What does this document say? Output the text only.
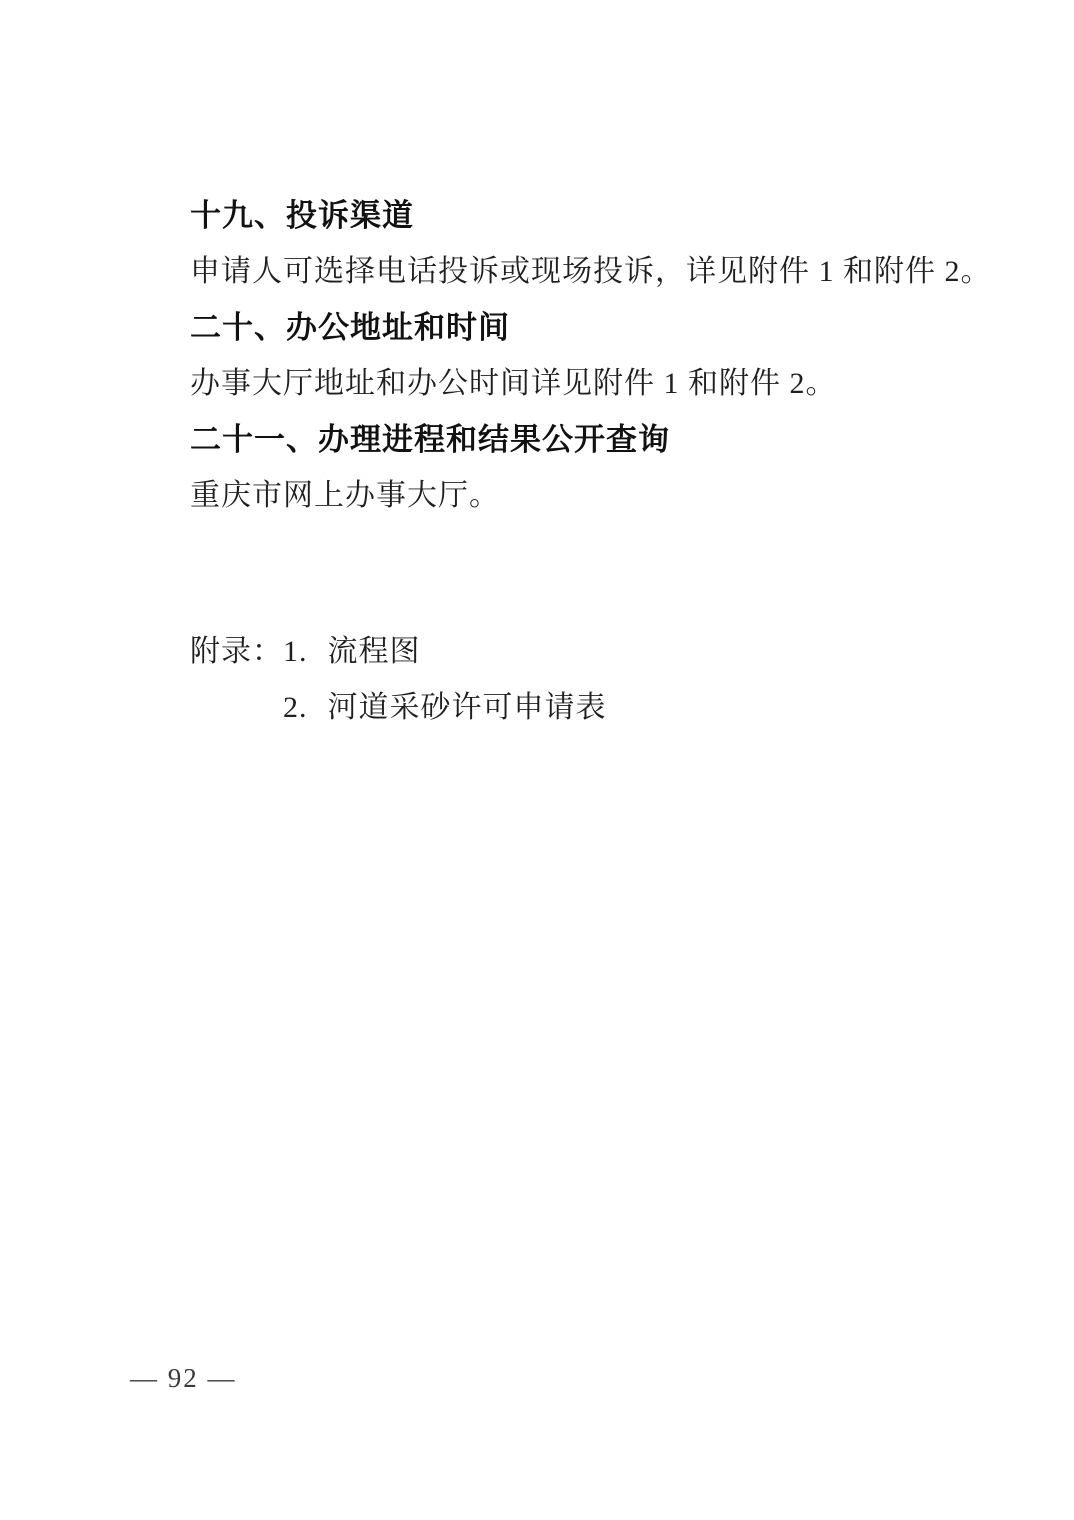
十九、投诉渠道
申请人可选择电话投诉或现场投诉，详见附件 1 和附件 2。
二十、办公地址和时间
办事大厅地址和办公时间详见附件 1 和附件 2。
二十一、办理进程和结果公开查询
重庆市网上办事大厅。
附录： 1. 流程图
2. 河道采砂许可申请表
— 92 —
